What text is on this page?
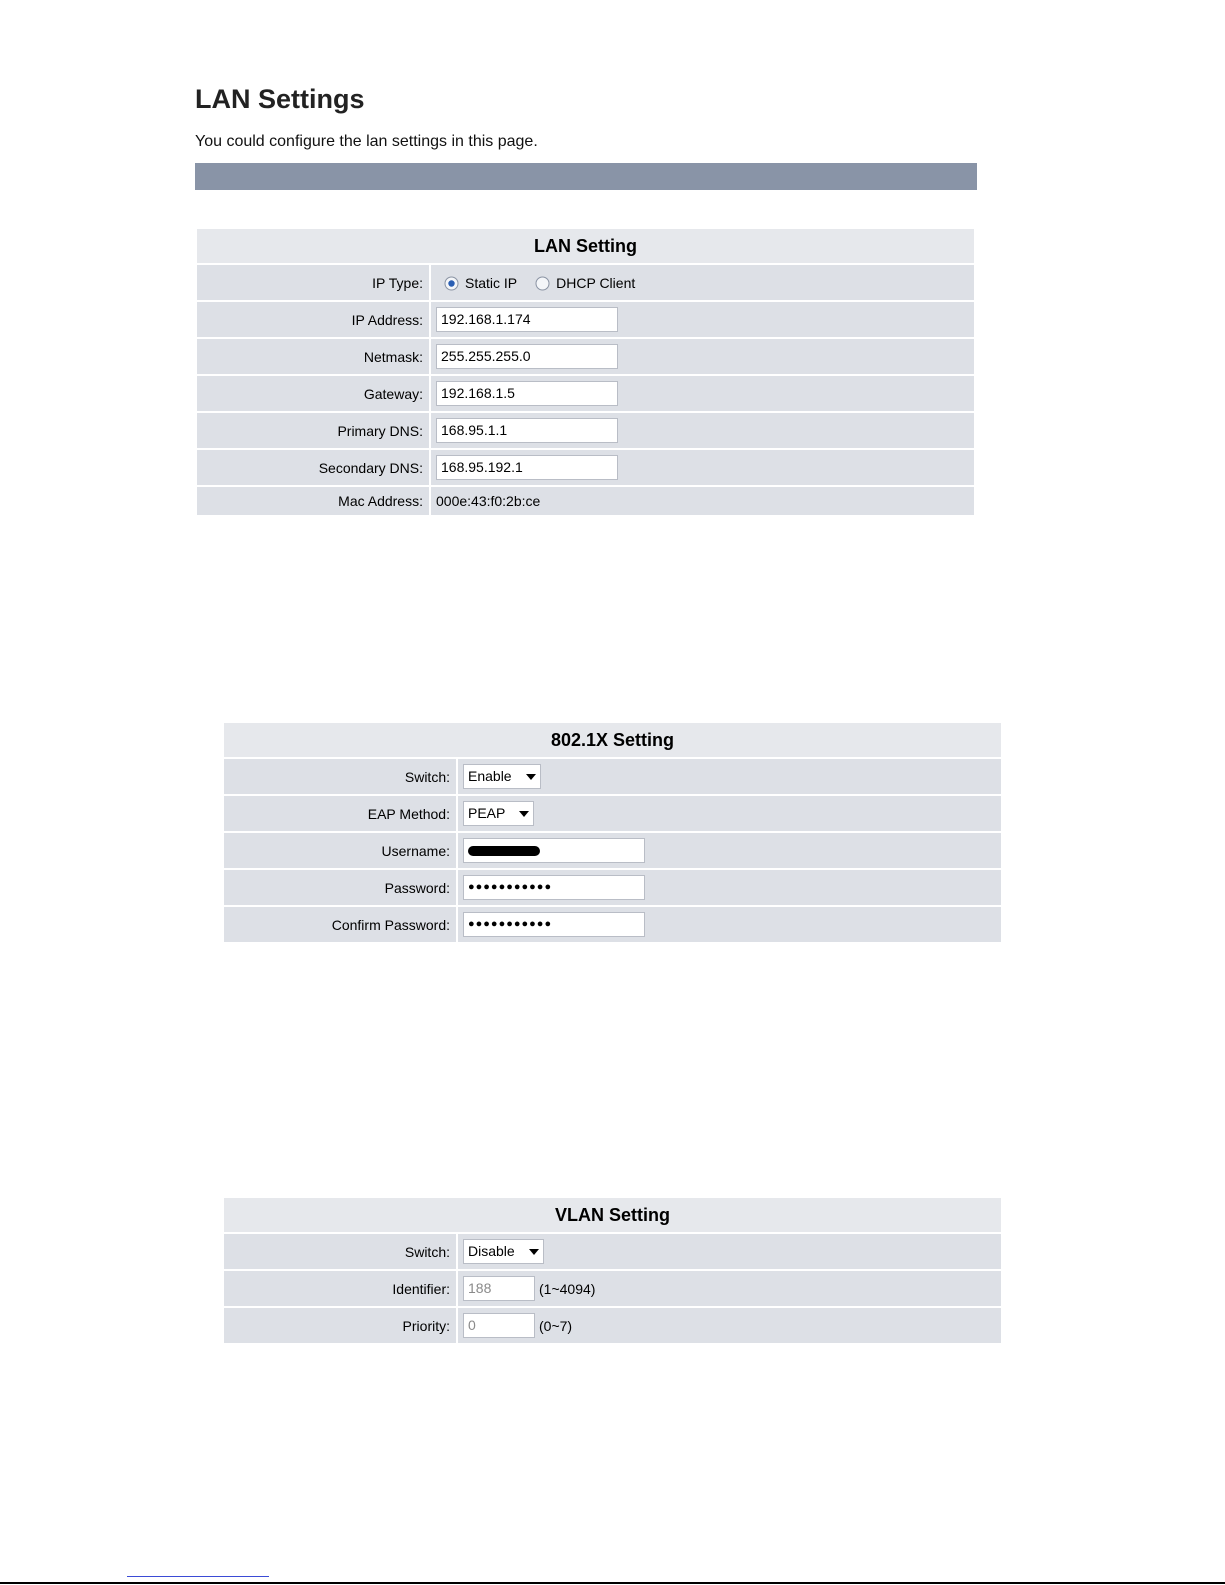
LAN Settings
You could configure the lan settings in this page.
LAN Setting	
IP Type:	Static IP DHCP Client
IP Address:	192.168.1.174
Netmask:	255.255.255.0
Gateway:	192.168.1.5
Primary DNS:	168.95.1.1
Secondary DNS:	168.95.192.1
Mac Address:	000e:43:f0:2b:ce
802.1X Setting	
Switch:	Enable
EAP Method:	PEAP
Username:	
Password:	●●●●●●●●●●●
Confirm Password:	●●●●●●●●●●●
VLAN Setting	
Switch:	Disable
Identifier:	188 (1~4094)
Priority:	0 (0~7)
